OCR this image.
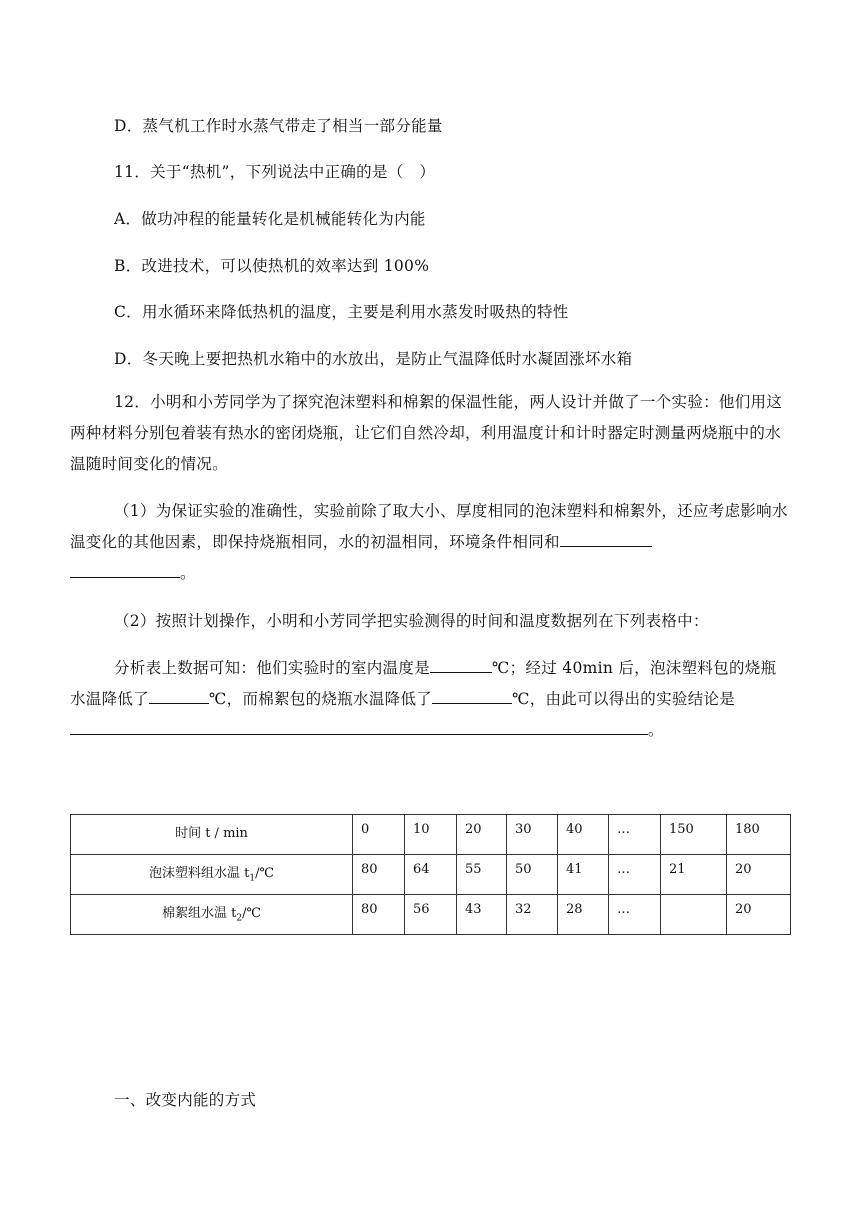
D．蒸气机工作时水蒸气带走了相当一部分能量
11．关于“热机”，下列说法中正确的是（　）
A．做功冲程的能量转化是机械能转化为内能
B．改进技术，可以使热机的效率达到 100%
C．用水循环来降低热机的温度，主要是利用水蒸发时吸热的特性
D．冬天晚上要把热机水箱中的水放出，是防止气温降低时水凝固涨坏水箱
12．小明和小芳同学为了探究泡沫塑料和棉絮的保温性能，两人设计并做了一个实验：他们用这两种材料分别包着装有热水的密闭烧瓶，让它们自然冷却，利用温度计和计时器定时测量两烧瓶中的水温随时间变化的情况。
（1）为保证实验的准确性，实验前除了取大小、厚度相同的泡沫塑料和棉絮外，还应考虑影响水温变化的其他因素，即保持烧瓶相同，水的初温相同，环境条件相同和
。
（2）按照计划操作，小明和小芳同学把实验测得的时间和温度数据列在下列表格中：
分析表上数据可知：他们实验时的室内温度是	℃；经过 40min 后，泡沫塑料包的烧瓶水温降低了	℃，而棉絮包的烧瓶水温降低了	℃，由此可以得出的实验结论是。
时间 t / min	0	10	20	30	40	…	150	180
泡沫塑料组水温 $t_1/℃$	80	64	55	50	41	…	21	20
棉絮组水温 $t_2/℃$	80	56	43	32	28	…		20
一、改变内能的方式
